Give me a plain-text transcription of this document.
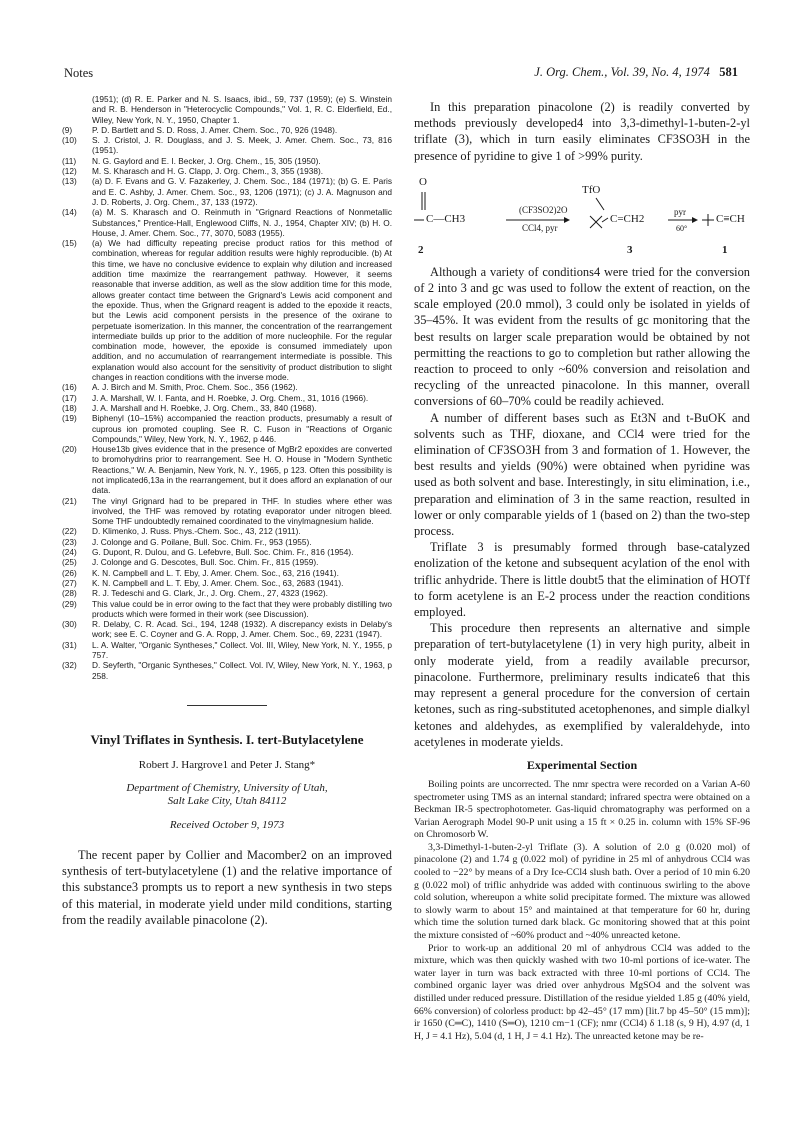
Notes	J. Org. Chem., Vol. 39, No. 4, 1974 581
(1951); (d) R. E. Parker and N. S. Isaacs, ibid., 59, 737 (1959); (e) S. Winstein and R. B. Henderson in "Heterocyclic Compounds," Vol. 1, R. C. Elderfield, Ed., Wiley, New York, N. Y., 1950, Chapter 1.
(9)	P. D. Bartlett and S. D. Ross, J. Amer. Chem. Soc., 70, 926 (1948).
(10)	S. J. Cristol, J. R. Douglass, and J. S. Meek, J. Amer. Chem. Soc., 73, 816 (1951).
(11)	N. G. Gaylord and E. I. Becker, J. Org. Chem., 15, 305 (1950).
(12)	M. S. Kharasch and H. G. Clapp, J. Org. Chem., 3, 355 (1938).
(13)	(a) D. F. Evans and G. V. Fazakerley, J. Chem. Soc., 184 (1971); (b) G. E. Paris and E. C. Ashby, J. Amer. Chem. Soc., 93, 1206 (1971); (c) J. A. Magnuson and J. D. Roberts, J. Org. Chem., 37, 133 (1972).
(14)	(a) M. S. Kharasch and O. Reinmuth in "Grignard Reactions of Nonmetallic Substances," Prentice-Hall, Englewood Cliffs, N. J., 1954, Chapter XIV; (b) H. O. House, J. Amer. Chem. Soc., 77, 3070, 5083 (1955).
(15)	(a) We had difficulty repeating precise product ratios for this method of combination, whereas for regular addition results were highly reproducible. (b) At this time, we have no conclusive evidence to explain why dilution and increased addition time maximize the rearrangement pathway. However, it seems reasonable that inverse addition, as well as the slow addition time for this mode, allows greater contact time between the Grignard's Lewis acid component and the epoxide. Thus, when the Grignard reagent is added to the epoxide it reacts, but the Lewis acid component persists in the presence of the oxirane to perpetuate isomerization. In this manner, the concentration of the rearrangement intermediate builds up prior to the addition of more nucleophile. For the regular combination mode, however, the epoxide is consumed immediately upon addition, and no accumulation of rearrangement intermediate is possible. This explanation would also account for the sensitivity of product distribution to slight changes in reaction conditions with the inverse mode.
(16)	A. J. Birch and M. Smith, Proc. Chem. Soc., 356 (1962).
(17)	J. A. Marshall, W. I. Fanta, and H. Roebke, J. Org. Chem., 31, 1016 (1966).
(18)	J. A. Marshall and H. Roebke, J. Org. Chem., 33, 840 (1968).
(19)	Biphenyl (10–15%) accompanied the reaction products, presumably a result of cuprous ion promoted coupling. See R. C. Fuson in "Reactions of Organic Compounds," Wiley, New York, N. Y., 1962, p 446.
(20)	House13b gives evidence that in the presence of MgBr2 epoxides are converted to bromohydrins prior to rearrangement. See H. O. House in "Modern Synthetic Reactions," W. A. Benjamin, New York, N. Y., 1965, p 123. Often this possibility is not implicated6,13a in the rearrangement, but it does afford an explanation of our data.
(21)	The vinyl Grignard had to be prepared in THF. In studies where ether was involved, the THF was removed by rotating evaporator under nitrogen bleed. Some THF undoubtedly remained coordinated to the vinylmagnesium halide.
(22)	D. Klimenko, J. Russ. Phys.-Chem. Soc., 43, 212 (1911).
(23)	J. Colonge and G. Poilane, Bull. Soc. Chim. Fr., 953 (1955).
(24)	G. Dupont, R. Dulou, and G. Lefebvre, Bull. Soc. Chim. Fr., 816 (1954).
(25)	J. Colonge and G. Descotes, Bull. Soc. Chim. Fr., 815 (1959).
(26)	K. N. Campbell and L. T. Eby, J. Amer. Chem. Soc., 63, 216 (1941).
(27)	K. N. Campbell and L. T. Eby, J. Amer. Chem. Soc., 63, 2683 (1941).
(28)	R. J. Tedeschi and G. Clark, Jr., J. Org. Chem., 27, 4323 (1962).
(29)	This value could be in error owing to the fact that they were probably distilling two products which were formed in their work (see Discussion).
(30)	R. Delaby, C. R. Acad. Sci., 194, 1248 (1932). A discrepancy exists in Delaby's work; see E. C. Coyner and G. A. Ropp, J. Amer. Chem. Soc., 69, 2231 (1947).
(31)	L. A. Walter, "Organic Syntheses," Collect. Vol. III, Wiley, New York, N. Y., 1955, p 757.
(32)	D. Seyferth, "Organic Syntheses," Collect. Vol. IV, Wiley, New York, N. Y., 1963, p 258.
Vinyl Triflates in Synthesis. I. tert-Butylacetylene
Robert J. Hargrove1 and Peter J. Stang*
Department of Chemistry, University of Utah,
Salt Lake City, Utah 84112
Received October 9, 1973

The recent paper by Collier and Macomber2 on an improved synthesis of tert-butylacetylene (1) and the relative importance of this substance3 prompts us to report a new synthesis in two steps of this material, in moderate yield under mild conditions, starting from the readily available pinacolone (2).

In this preparation pinacolone (2) is readily converted by methods previously developed4 into 3,3-dimethyl-1-buten-2-yl triflate (3), which in turn easily eliminates CF3SO3H in the presence of pyridine to give 1 of >99% purity.

O
C—CH3
(CF3SO2)2O
CCl4, pyr
TfO
C=CH2
pyr
60°
C≡CH
2	3	1

Although a variety of conditions4 were tried for the conversion of 2 into 3 and gc was used to follow the extent of reaction, on the scale employed (20.0 mmol), 3 could only be isolated in yields of 35–45%. It was evident from the results of gc monitoring that the best results on larger scale preparation would be obtained by not permitting the reactions to go to completion but rather allowing the reaction to proceed to only ~60% conversion and reisolation and recycling of the unreacted pinacolone. In this manner, overall conversions of 60–70% could be readily achieved.

A number of different bases such as Et3N and t-BuOK and solvents such as THF, dioxane, and CCl4 were tried for the elimination of CF3SO3H from 3 and formation of 1. However, the best results and yields (90%) were obtained when pyridine was used as both solvent and base. Interestingly, in situ elimination, i.e., preparation and elimination of 3 in the same reaction, resulted in lower or only comparable yields of 1 (based on 2) than the two-step process.

Triflate 3 is presumably formed through base-catalyzed enolization of the ketone and subsequent acylation of the enol with triflic anhydride. There is little doubt5 that the elimination of HOTf to form acetylene is an E-2 process under the reaction conditions employed.

This procedure then represents an alternative and simple preparation of tert-butylacetylene (1) in very high purity, albeit in only moderate yield, from a readily available precursor, pinacolone. Furthermore, preliminary results indicate6 that this may represent a general procedure for the conversion of certain ketones, such as ring-substituted acetophenones, and simple dialkyl ketones and aldehydes, as exemplified by valeraldehyde, into acetylenes in moderate yields.

Experimental Section

Boiling points are uncorrected. The nmr spectra were recorded on a Varian A-60 spectrometer using TMS as an internal standard; infrared spectra were obtained on a Beckman IR-5 spectrophotometer. Gas-liquid chromatography was performed on a Varian Aerograph Model 90-P unit using a 15 ft × 0.25 in. column with 15% SF-96 on Chromosorb W.

3,3-Dimethyl-1-buten-2-yl Triflate (3). A solution of 2.0 g (0.020 mol) of pinacolone (2) and 1.74 g (0.022 mol) of pyridine in 25 ml of anhydrous CCl4 was cooled to −22° by means of a Dry Ice-CCl4 slush bath. Over a period of 10 min 6.20 g (0.022 mol) of triflic anhydride was added with continuous swirling to the above cold solution, whereupon a white solid precipitate formed. The mixture was allowed to slowly warm to about 15° and maintained at that temperature for 60 hr, during which time the solution turned dark black. Gc monitoring showed that at this point the mixture consisted of ~60% product and ~40% unreacted ketone.

Prior to work-up an additional 20 ml of anhydrous CCl4 was added to the mixture, which was then quickly washed with two 10-ml portions of ice-water. The water layer in turn was back extracted with three 10-ml portions of CCl4. The combined organic layer was dried over anhydrous MgSO4 and the solvent was distilled under reduced pressure. Distillation of the residue yielded 1.85 g (40% yield, 66% conversion) of colorless product: bp 42–45° (17 mm) [lit.7 bp 45–50° (15 mm)]; ir 1650 (C═C), 1410 (S═O), 1210 cm−1 (CF); nmr (CCl4) δ 1.18 (s, 9 H), 4.97 (d, 1 H, J = 4.1 Hz), 5.04 (d, 1 H, J = 4.1 Hz). The unreacted ketone may be re-
